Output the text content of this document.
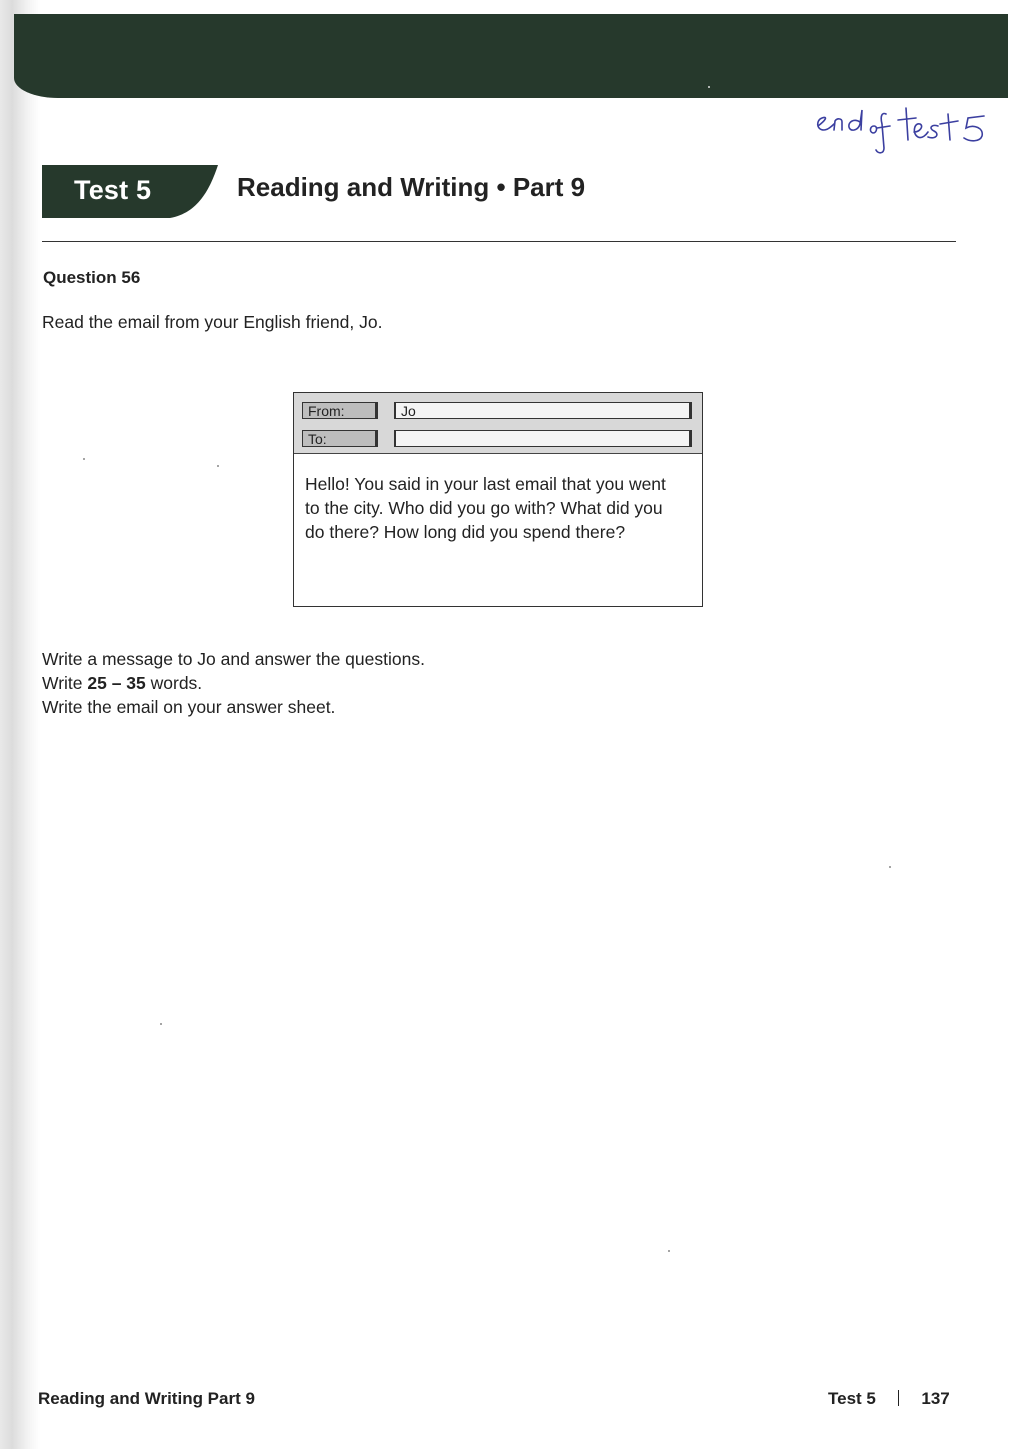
Test 5	Reading and Writing • Part 9
Question 56
Read the email from your English friend, Jo.
From:	Jo
To:
Hello! You said in your last email that you went to the city. Who did you go with? What did you do there? How long did you spend there?
Write a message to Jo and answer the questions.
Write 25 – 35 words.
Write the email on your answer sheet.
Reading and Writing Part 9	Test 5	137
